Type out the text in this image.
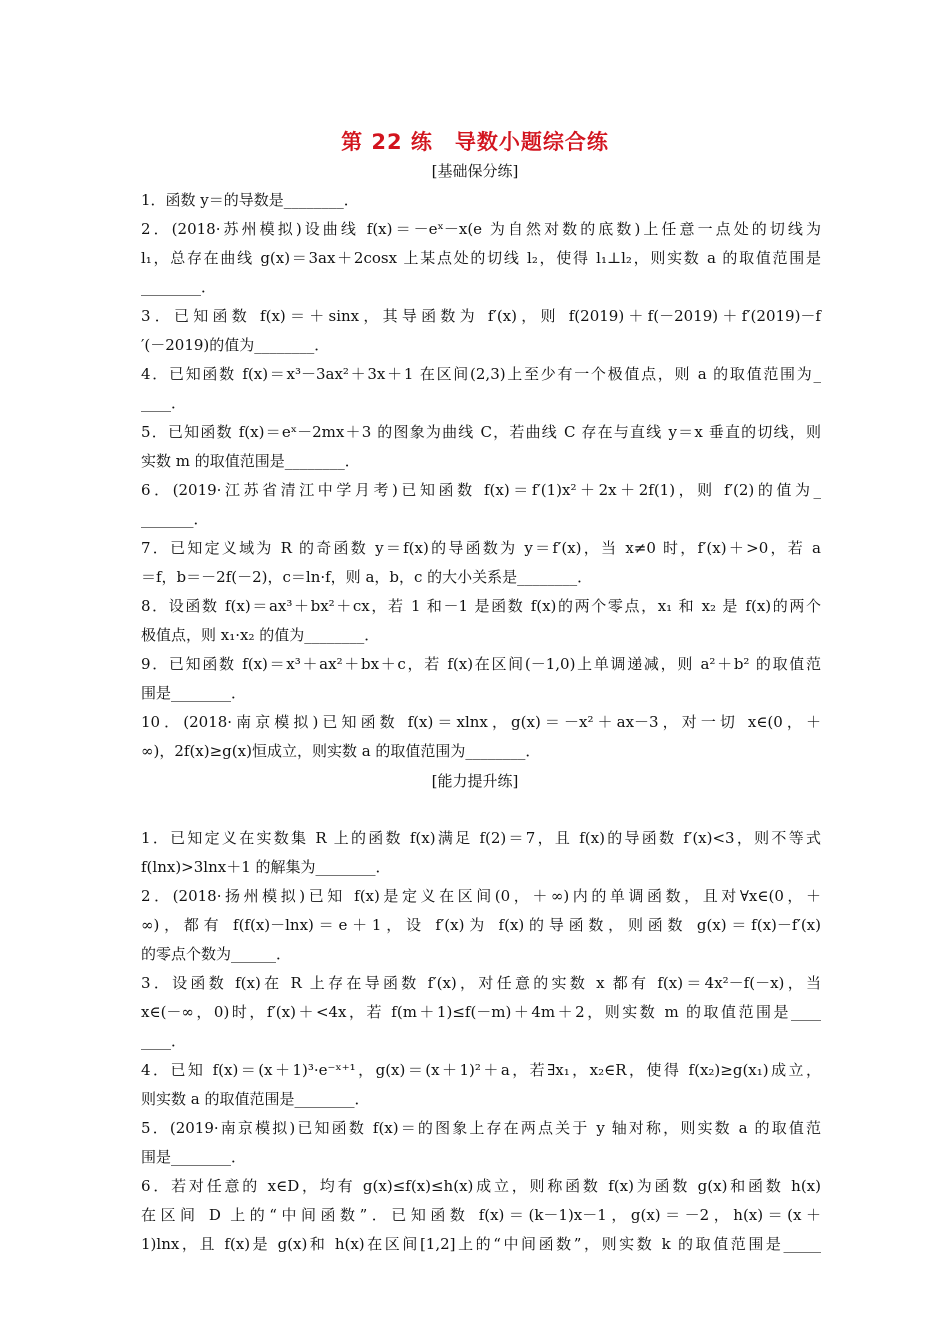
第 22 练　导数小题综合练
[基础保分练]
[能力提升练]
1．函数 y＝的导数是________．
2．(2018·苏州模拟)设曲线 f(x)＝－eˣ－x(e 为自然对数的底数)上任意一点处的切线为
l₁，总存在曲线 g(x)＝3ax＋2cosx 上某点处的切线 l₂，使得 l₁⊥l₂，则实数 a 的取值范围是
________．
3．已知函数 f(x)＝＋sinx，其导函数为 f′(x)，则 f(2019)＋f(－2019)＋f′(2019)－f
′(－2019)的值为________．
4．已知函数 f(x)＝x³－3ax²＋3x＋1 在区间(2,3)上至少有一个极值点，则 a 的取值范围为_
____．
5．已知函数 f(x)＝eˣ－2mx＋3 的图象为曲线 C，若曲线 C 存在与直线 y＝x 垂直的切线，则
实数 m 的取值范围是________．
6．(2019·江苏省清江中学月考)已知函数 f(x)＝f′(1)x²＋2x＋2f(1)，则 f′(2)的值为_
_______．
7．已知定义域为 R 的奇函数 y＝f(x)的导函数为 y＝f′(x)，当 x≠0 时，f′(x)＋>0，若 a
＝f，b＝－2f(－2)，c＝ln·f，则 a，b，c 的大小关系是________．
8．设函数 f(x)＝ax³＋bx²＋cx，若 1 和－1 是函数 f(x)的两个零点，x₁ 和 x₂ 是 f(x)的两个
极值点，则 x₁·x₂ 的值为________．
9．已知函数 f(x)＝x³＋ax²＋bx＋c，若 f(x)在区间(－1,0)上单调递减，则 a²＋b² 的取值范
围是________．
10．(2018·南京模拟)已知函数 f(x)＝xlnx，g(x)＝－x²＋ax－3，对一切 x∈(0，＋
∞)，2f(x)≥g(x)恒成立，则实数 a 的取值范围为________．
1．已知定义在实数集 R 上的函数 f(x)满足 f(2)＝7，且 f(x)的导函数 f′(x)<3，则不等式
f(lnx)>3lnx＋1 的解集为________．
2．(2018·扬州模拟)已知 f(x)是定义在区间(0，＋∞)内的单调函数，且对∀x∈(0，＋
∞)，都有 f(f(x)－lnx)＝e＋1，设 f′(x)为 f(x)的导函数，则函数 g(x)＝f(x)－f′(x)
的零点个数为______．
3．设函数 f(x)在 R 上存在导函数 f′(x)，对任意的实数 x 都有 f(x)＝4x²－f(－x)，当
x∈(－∞，0)时，f′(x)＋<4x，若 f(m＋1)≤f(－m)＋4m＋2，则实数 m 的取值范围是____
____．
4．已知 f(x)＝(x＋1)³·e⁻ˣ⁺¹，g(x)＝(x＋1)²＋a，若∃x₁，x₂∈R，使得 f(x₂)≥g(x₁)成立，
则实数 a 的取值范围是________．
5．(2019·南京模拟)已知函数 f(x)＝的图象上存在两点关于 y 轴对称，则实数 a 的取值范
围是________．
6．若对任意的 x∈D，均有 g(x)≤f(x)≤h(x)成立，则称函数 f(x)为函数 g(x)和函数 h(x)
在区间 D 上的“中间函数”．已知函数 f(x)＝(k－1)x－1，g(x)＝－2，h(x)＝(x＋
1)lnx，且 f(x)是 g(x)和 h(x)在区间[1,2]上的“中间函数”，则实数 k 的取值范围是_____
